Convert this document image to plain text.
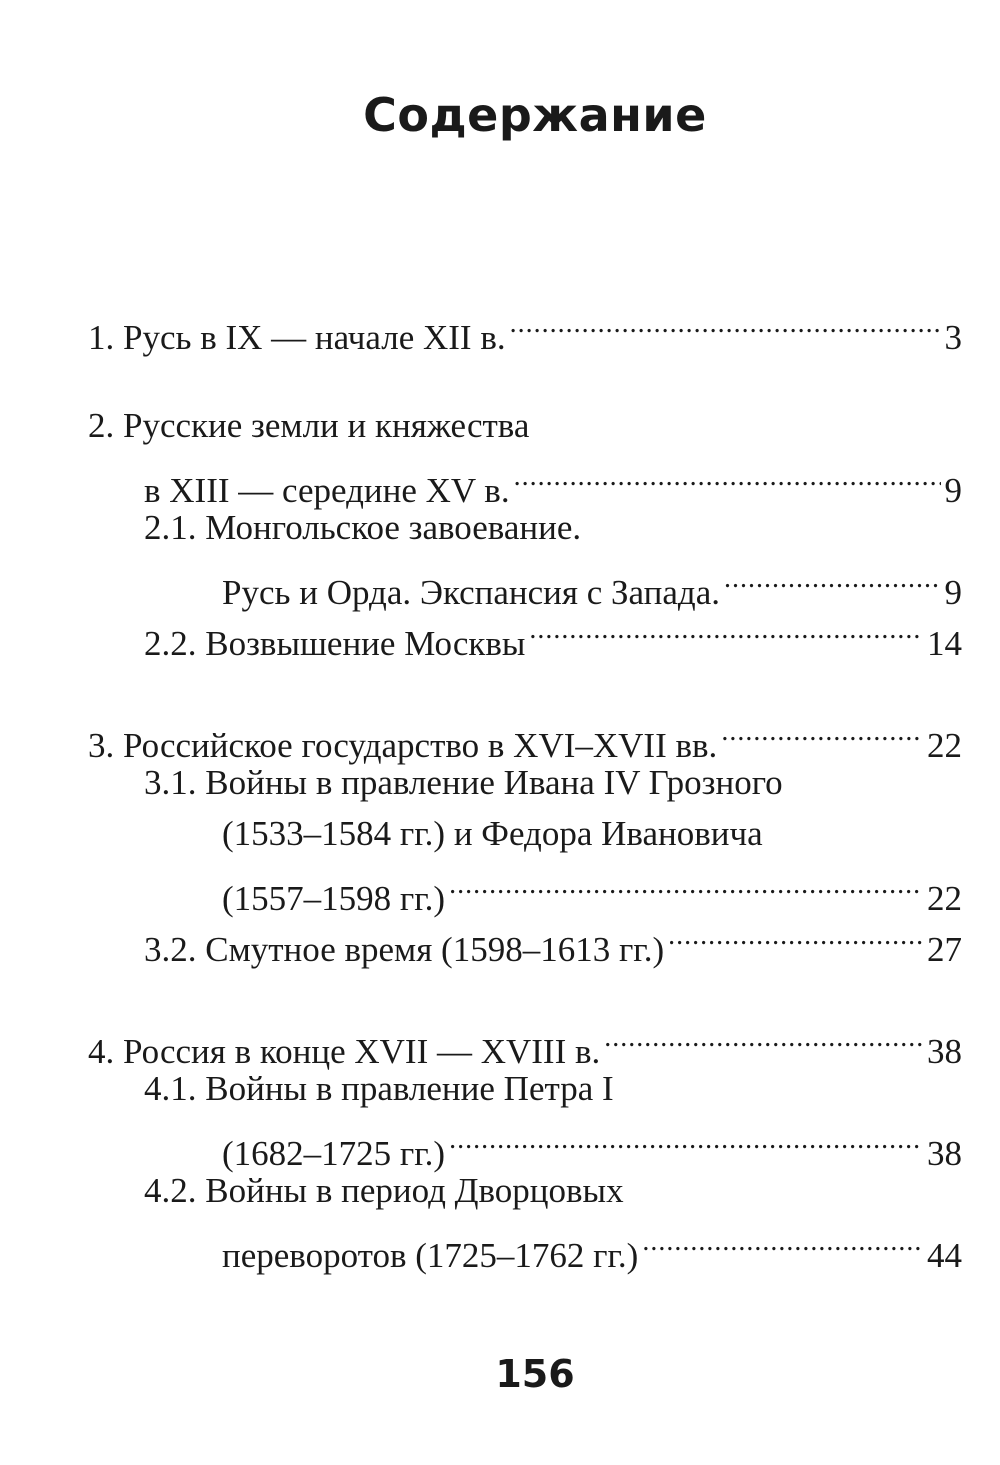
Содержание
1. Русь в IX — начале XII в. .....	3
2. Русские земли и княжества
в XIII — середине XV в. .....	9
2.1. Монгольское завоевание.
Русь и Орда. Экспансия с Запада. .....	9
2.2. Возвышение Москвы .....	14
3. Российское государство в XVI–XVII вв. .....	22
3.1. Войны в правление Ивана IV Грозного
(1533–1584 гг.) и Федора Ивановича
(1557–1598 гг.) .....	22
3.2. Смутное время (1598–1613 гг.) .....	27
4. Россия в конце XVII — XVIII в. .....	38
4.1. Войны в правление Петра I
(1682–1725 гг.) .....	38
4.2. Войны в период Дворцовых
переворотов (1725–1762 гг.) .....	44
156
